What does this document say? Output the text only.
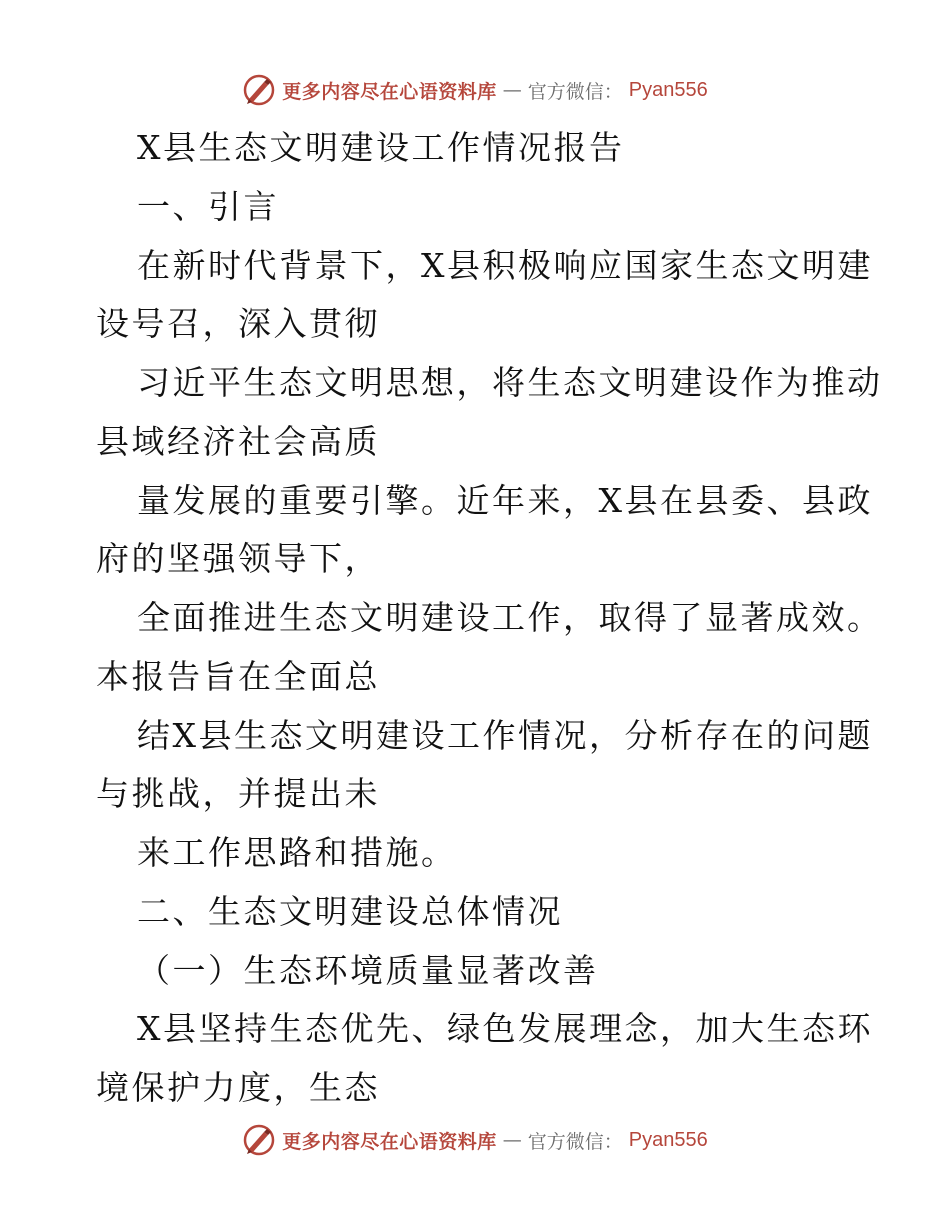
更多内容尽在心语资料库 — 官方微信： Pyan556
X县生态文明建设工作情况报告
一、引言
在新时代背景下，X县积极响应国家生态文明建
设号召，深入贯彻
习近平生态文明思想，将生态文明建设作为推动
县域经济社会高质
量发展的重要引擎。近年来，X县在县委、县政
府的坚强领导下，
全面推进生态文明建设工作，取得了显著成效。
本报告旨在全面总
结X县生态文明建设工作情况，分析存在的问题
与挑战，并提出未
来工作思路和措施。
二、生态文明建设总体情况
（一）生态环境质量显著改善
X县坚持生态优先、绿色发展理念，加大生态环
境保护力度，生态
更多内容尽在心语资料库 — 官方微信： Pyan556
